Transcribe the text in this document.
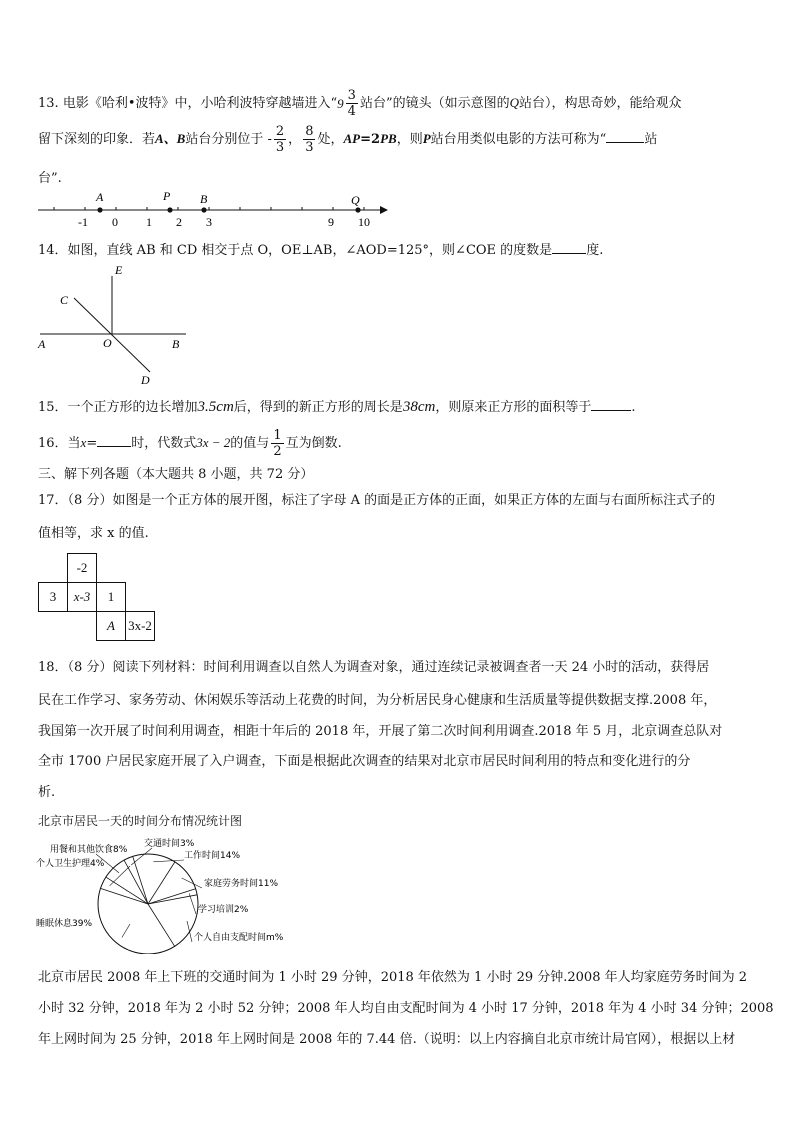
13. 电影《哈利•波特》中，小哈利波特穿越墙进入“ $9 \frac{3}{4}$ 站台”的镜头（如示意图的Q站台），构思奇妙，能给观众
留下深刻的印象．若A、B站台分别位于 - $\frac{2}{3}$ ， $\frac{8}{3}$ 处，AP=2PB，则P站台用类似电影的方法可称为“	站
台”.
A	P B	Q
-1 0 1 2 3	9 10
14．如图，直线 AB 和 CD 相交于点 O，OE⊥AB，∠AOD=125°，则∠COE 的度数是	度.
E
C
A	O	B
D
15．一个正方形的边长增加3.5cm后，得到的新正方形的周长是38cm，则原来正方形的面积等于	.
16．当x=	时，代数式3x − 2的值与 $\frac{1}{2}$ 互为倒数.
三、解下列各题（本大题共 8 小题，共 72 分）
17．（8 分）如图是一个正方体的展开图，标注了字母 A 的面是正方体的正面，如果正方体的左面与右面所标注式子的
值相等，求 x 的值.
	-2		
3	x-3	1	
		A	3x-2
18．（8 分）阅读下列材料：时间利用调查以自然人为调查对象，通过连续记录被调查者一天 24 小时的活动，获得居
民在工作学习、家务劳动、休闲娱乐等活动上花费的时间，为分析居民身心健康和生活质量等提供数据支撑.2008 年，
我国第一次开展了时间利用调查，相距十年后的 2018 年，开展了第二次时间利用调查.2018 年 5 月，北京调查总队对
全市 1700 户居民家庭开展了入户调查，下面是根据此次调查的结果对北京市居民时间利用的特点和变化进行的分
析.
北京市居民一天的时间分布情况统计图
用餐和其他饮食8%
交通时间3%
工作时间14%
家庭劳务时间11%
学习培训2%
个人自由支配时间m%
睡眠休息39%
个人卫生护理4%
北京市居民 2008 年上下班的交通时间为 1 小时 29 分钟，2018 年依然为 1 小时 29 分钟.2008 年人均家庭劳务时间为 2
小时 32 分钟，2018 年为 2 小时 52 分钟；2008 年人均自由支配时间为 4 小时 17 分钟，2018 年为 4 小时 34 分钟；2008
年上网时间为 25 分钟，2018 年上网时间是 2008 年的 7.44 倍.（说明：以上内容摘自北京市统计局官网），根据以上材
